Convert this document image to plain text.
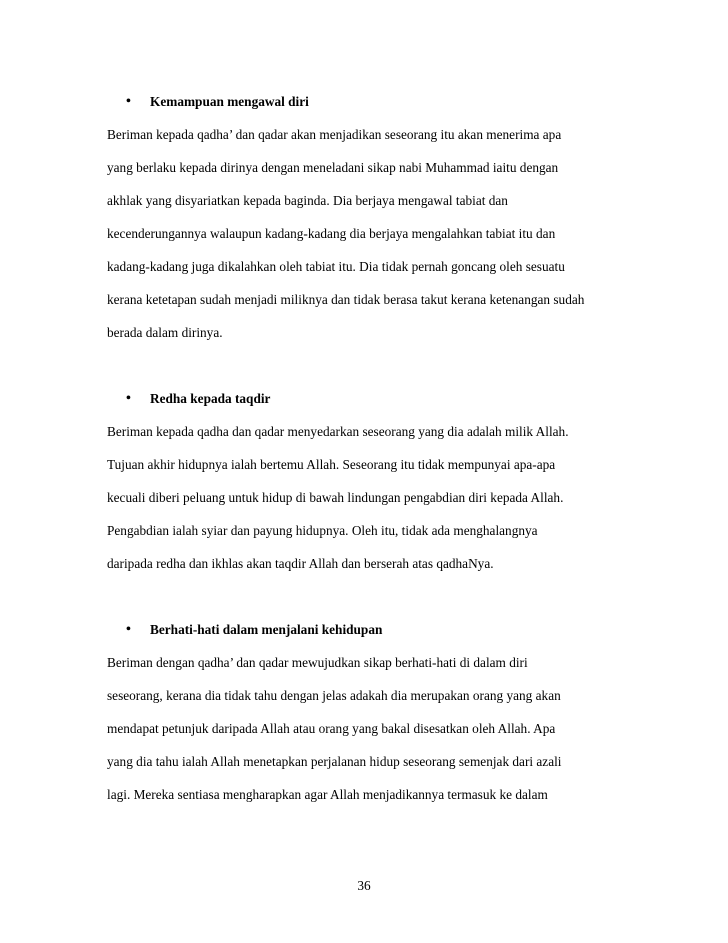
• Kemampuan mengawal diri
Beriman kepada qadha’ dan qadar akan menjadikan seseorang itu akan menerima apa
yang berlaku kepada dirinya dengan meneladani sikap nabi Muhammad iaitu dengan
akhlak yang disyariatkan kepada baginda. Dia berjaya mengawal tabiat dan
kecenderungannya walaupun kadang-kadang dia berjaya mengalahkan tabiat itu dan
kadang-kadang juga dikalahkan oleh tabiat itu. Dia tidak pernah goncang oleh sesuatu
kerana ketetapan sudah menjadi miliknya dan tidak berasa takut kerana ketenangan sudah
berada dalam dirinya.
• Redha kepada taqdir
Beriman kepada qadha dan qadar menyedarkan seseorang yang dia adalah milik Allah.
Tujuan akhir hidupnya ialah bertemu Allah. Seseorang itu tidak mempunyai apa-apa
kecuali diberi peluang untuk hidup di bawah lindungan pengabdian diri kepada Allah.
Pengabdian ialah syiar dan payung hidupnya. Oleh itu, tidak ada menghalangnya
daripada redha dan ikhlas akan taqdir Allah dan berserah atas qadhaNya.
• Berhati-hati dalam menjalani kehidupan
Beriman dengan qadha’ dan qadar mewujudkan sikap berhati-hati di dalam diri
seseorang, kerana dia tidak tahu dengan jelas adakah dia merupakan orang yang akan
mendapat petunjuk daripada Allah atau orang yang bakal disesatkan oleh Allah. Apa
yang dia tahu ialah Allah menetapkan perjalanan hidup seseorang semenjak dari azali
lagi. Mereka sentiasa mengharapkan agar Allah menjadikannya termasuk ke dalam
36
